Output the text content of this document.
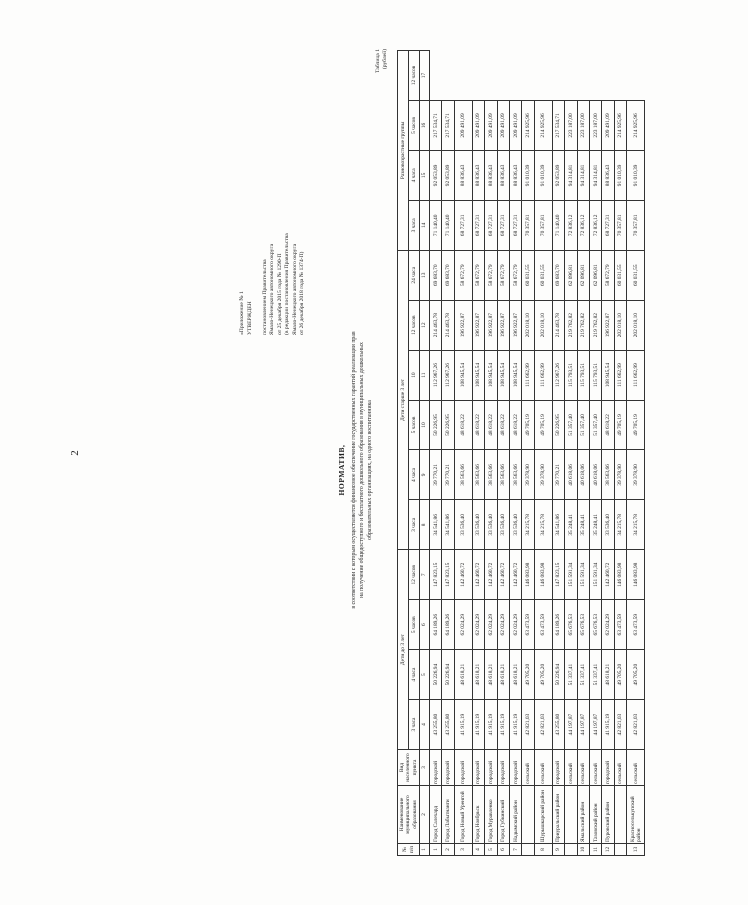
2
«Приложение № 1 УТВЕРЖДЕН
постановлением Правительства Ямало-Ненецкого автономного округа от 25 декабря 2015 года № 1290-П (в редакции постановления Правительства Ямало-Ненецкого автономного округа от 26 декабря 2018 года № 1374-П)
НОРМАТИВ, в соответствии с которым осуществляется финансовое обеспечение государственных гарантий реализации прав на получение общедоступного и бесплатного дошкольного образования в муниципальных дошкольных образовательных организациях, на одного воспитанника
Таблица 1 (рублей)
№ п/п	Наименование муниципального образования	Вид населенного пункта	Дети до 3 лет				Дети старше 3 лет						Разновозрастные группы			
			3 часа	4 часа	5 часов	12 часов	3 часа	4 часа	5 часов	10	12 часов	24 часа	3 часа	4 часа	5 часов	12 часов
1	2	3	4	5	6	7	8	9	10	11	12	13	14	15	16	17
1	Город Салехард	городской	43 255,80	50 226,94	64 189,26	147 823,15	34 541,86	39 770,21	50 226,95	112 967,26	214 463,78	69 683,70	71 140,40	92 053,89	217 534,71	
2	Город Лабытнанги	городской	43 255,80	50 226,94	64 189,26	147 823,15	34 541,86	39 770,21	50 226,95	112 967,26	214 463,78	69 683,70	71 140,40	92 053,89	217 534,71	
3	Город Новый Уренгой	городской	41 915,19	48 618,21	62 024,29	142 460,72	33 536,40	38 563,66	48 618,22	108 945,54	196 922,87	58 672,79	68 727,31	88 836,43	209 491,09	
4	Город Ноябрьск	городской	41 915,19	48 618,21	62 024,29	142 460,72	33 536,40	38 563,66	48 618,22	108 945,54	196 922,87	58 672,79	68 727,31	88 836,43	209 491,09	
5	Город Муравленко	городской	41 915,19	48 618,21	62 024,29	142 460,72	33 536,40	38 563,66	48 618,22	108 945,54	196 922,87	58 672,79	68 727,31	88 836,43	209 491,09	
6	Город Губкинский	городской	41 915,19	48 618,21	62 024,29	142 460,72	33 536,40	38 563,66	48 618,22	108 945,54	196 922,87	58 672,79	68 727,31	88 836,43	209 491,09	
7	Надымский район	городской	41 915,19	48 618,21	62 024,29	142 460,72	33 536,40	38 563,66	48 618,22	108 945,54	196 922,87	58 672,79	68 727,31	88 836,43	209 491,09	
		сельский	42 821,03	49 705,20	63 473,59	146 083,98	34 215,78	39 378,90	49 705,19	111 662,99	202 018,10	60 031,55	70 357,81	91 010,39	214 925,96	
8	Шурышкарский район	сельский	42 821,03	49 705,20	63 473,59	146 083,98	34 215,78	39 378,90	49 705,19	111 662,99	202 018,10	60 031,55	70 357,81	91 010,39	214 925,96	
9	Приуральский район	городской	43 255,80	50 226,94	64 189,26	147 823,15	34 541,86	39 770,21	50 226,95	112 967,26	214 463,78	69 683,70	71 140,40	92 053,89	217 534,71	
		сельский	44 197,87	51 337,41	65 676,53	151 591,34	35 248,41	40 618,06	51 357,40	115 793,51	219 762,82	62 096,81	72 836,12	94 314,81	223 187,00	
10	Ямальский район	сельский	44 197,87	51 337,41	65 676,53	151 591,34	35 248,41	40 618,06	51 357,40	115 793,51	219 762,82	62 096,81	72 836,12	94 314,81	223 187,00	
11	Тазовский район	сельский	44 197,87	51 337,41	65 676,53	151 591,34	35 248,41	40 618,06	51 357,40	115 793,51	219 762,82	62 096,81	72 836,12	94 314,81	223 187,00	
12	Пуровский район	городской	41 915,19	48 618,21	62 024,29	142 460,72	33 536,40	38 563,66	48 618,22	108 945,54	196 922,87	58 672,79	68 727,31	88 836,43	209 491,09	
		сельский	42 821,03	49 705,20	63 473,59	146 083,98	34 215,78	39 378,90	49 705,19	111 662,99	202 018,10	60 031,55	70 357,81	91 010,39	214 925,96	
13	Красноселькупский район	сельский	42 821,03	49 705,20	63 473,59	146 083,98	34 215,78	39 378,90	49 705,19	111 662,99	202 018,10	60 031,55	70 357,81	91 010,39	214 925,96	
